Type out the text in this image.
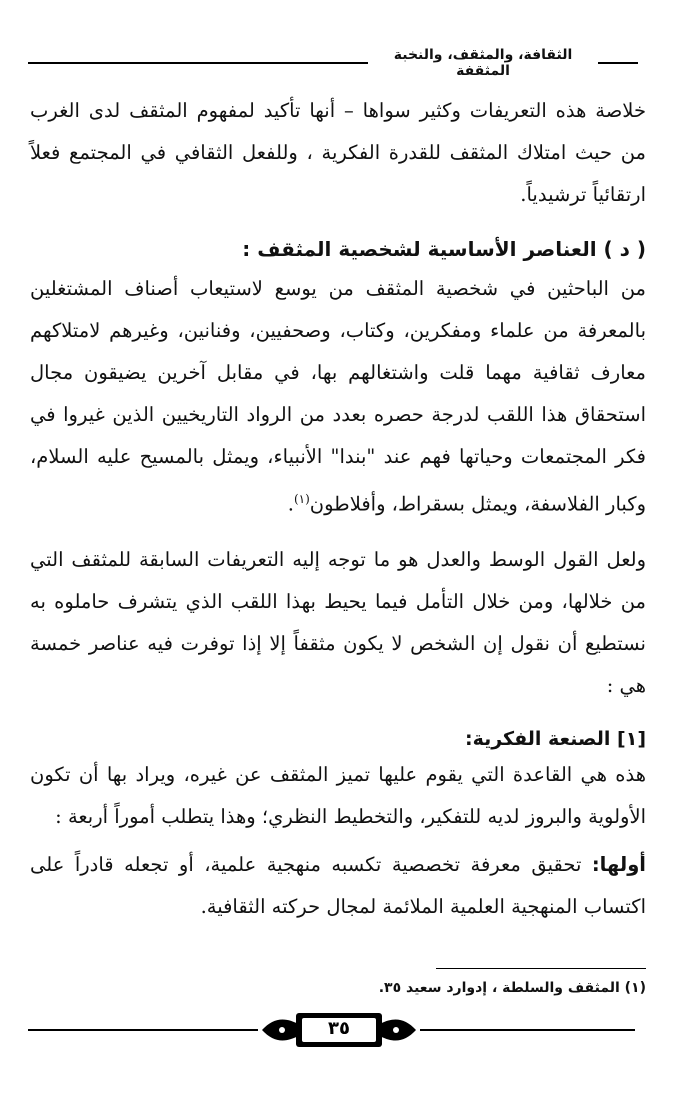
الثقافة، والمثقف، والنخبة المثقفة
خلاصة هذه التعريفات وكثير سواها – أنها تأكيد لمفهوم المثقف لدى الغرب من حيث امتلاك المثقف للقدرة الفكرية ، وللفعل الثقافي في المجتمع فعلاً ارتقائياً ترشيدياً.
( د ) العناصر الأساسية لشخصية المثقف :
من الباحثين في شخصية المثقف من يوسع لاستيعاب أصناف المشتغلين بالمعرفة من علماء ومفكرين، وكتاب، وصحفيين، وفنانين، وغيرهم لامتلاكهم معارف ثقافية مهما قلت واشتغالهم بها، في مقابل آخرين يضيقون مجال استحقاق هذا اللقب لدرجة حصره بعدد من الرواد التاريخيين الذين غيروا في فكر المجتمعات وحياتها فهم عند "بندا" الأنبياء، ويمثل بالمسيح عليه السلام، وكبار الفلاسفة، ويمثل بسقراط، وأفلاطون$^{(١)}$.
ولعل القول الوسط والعدل هو ما توجه إليه التعريفات السابقة للمثقف التي من خلالها، ومن خلال التأمل فيما يحيط بهذا اللقب الذي يتشرف حاملوه به نستطيع أن نقول إن الشخص لا يكون مثقفاً إلا إذا توفرت فيه عناصر خمسة هي :
[١] الصنعة الفكرية:
هذه هي القاعدة التي يقوم عليها تميز المثقف عن غيره، ويراد بها أن تكون الأولوية والبروز لديه للتفكير، والتخطيط النظري؛ وهذا يتطلب أموراً أربعة :
أولها: تحقيق معرفة تخصصية تكسبه منهجية علمية، أو تجعله قادراً على اكتساب المنهجية العلمية الملائمة لمجال حركته الثقافية.
(١) المثقف والسلطة ، إدوارد سعيد ٣٥.
٣٥
